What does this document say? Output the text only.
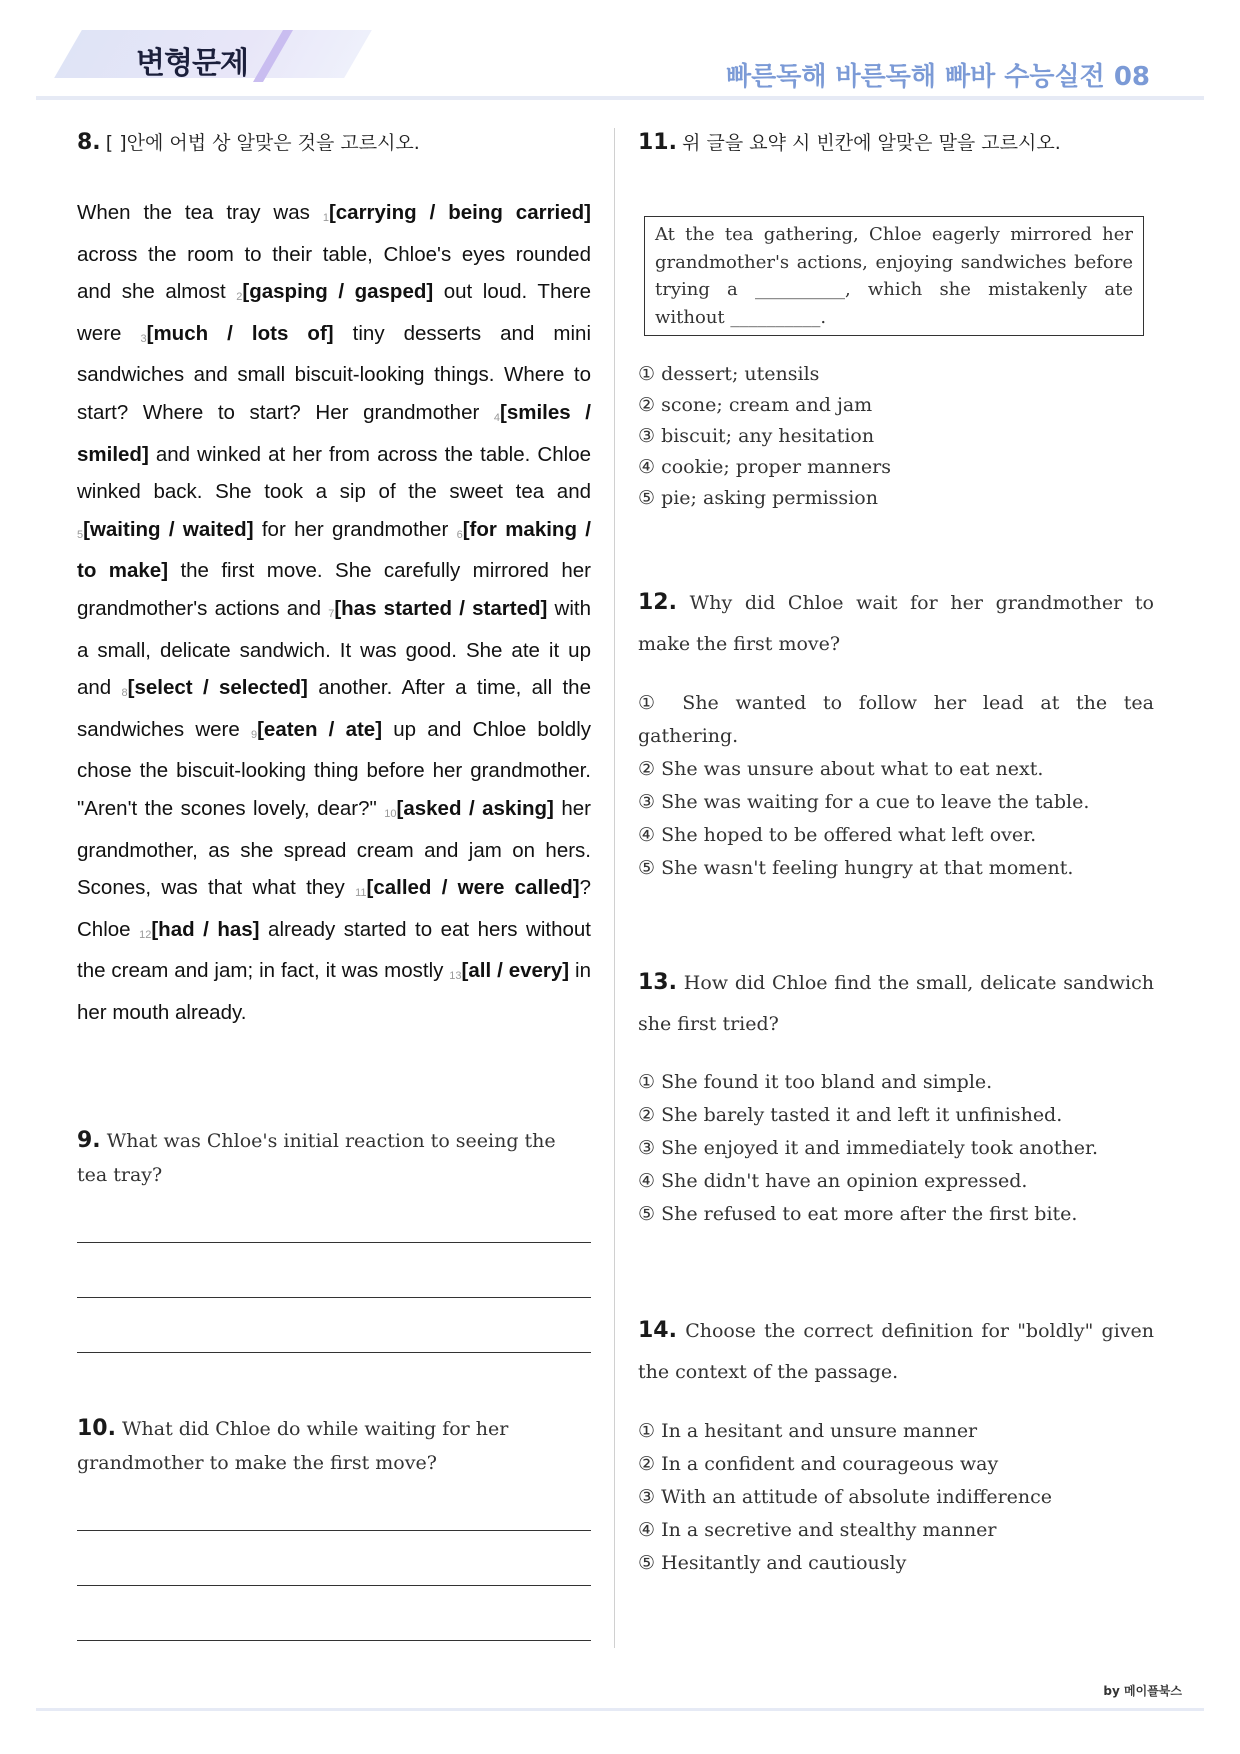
변형문제	빠른독해 바른독해 빠바 수능실전 08
8. [ ]안에 어법 상 알맞은 것을 고르시오.
When the tea tray was $_1$[carrying / being carried] across the room to their table, Chloe's eyes rounded and she almost $_2$[gasping / gasped] out loud. There were $_3$[much / lots of] tiny desserts and mini sandwiches and small biscuit-looking things. Where to start? Where to start? Her grandmother $_4$[smiles / smiled] and winked at her from across the table. Chloe winked back. She took a sip of the sweet tea and $_5$[waiting / waited] for her grandmother $_6$[for making / to make] the first move. She carefully mirrored her grandmother's actions and $_7$[has started / started] with a small, delicate sandwich. It was good. She ate it up and $_8$[select / selected] another. After a time, all the sandwiches were $_9$[eaten / ate] up and Chloe boldly chose the biscuit-looking thing before her grandmother. "Aren't the scones lovely, dear?" $_{10}$[asked / asking] her grandmother, as she spread cream and jam on hers. Scones, was that what they $_{11}$[called / were called]? Chloe $_{12}$[had / has] already started to eat hers without the cream and jam; in fact, it was mostly $_{13}$[all / every] in her mouth already.
9. What was Chloe's initial reaction to seeing the tea tray?
10. What did Chloe do while waiting for her grandmother to make the first move?
11. 위 글을 요약 시 빈칸에 알맞은 말을 고르시오.
At the tea gathering, Chloe eagerly mirrored her grandmother's actions, enjoying sandwiches before trying a __________, which she mistakenly ate without __________.
① dessert; utensils
② scone; cream and jam
③ biscuit; any hesitation
④ cookie; proper manners
⑤ pie; asking permission
12. Why did Chloe wait for her grandmother to make the first move?
① She wanted to follow her lead at the tea gathering.
② She was unsure about what to eat next.
③ She was waiting for a cue to leave the table.
④ She hoped to be offered what left over.
⑤ She wasn't feeling hungry at that moment.
13. How did Chloe find the small, delicate sandwich she first tried?
① She found it too bland and simple.
② She barely tasted it and left it unfinished.
③ She enjoyed it and immediately took another.
④ She didn't have an opinion expressed.
⑤ She refused to eat more after the first bite.
14. Choose the correct definition for "boldly" given the context of the passage.
① In a hesitant and unsure manner
② In a confident and courageous way
③ With an attitude of absolute indifference
④ In a secretive and stealthy manner
⑤ Hesitantly and cautiously
by 메이플북스
